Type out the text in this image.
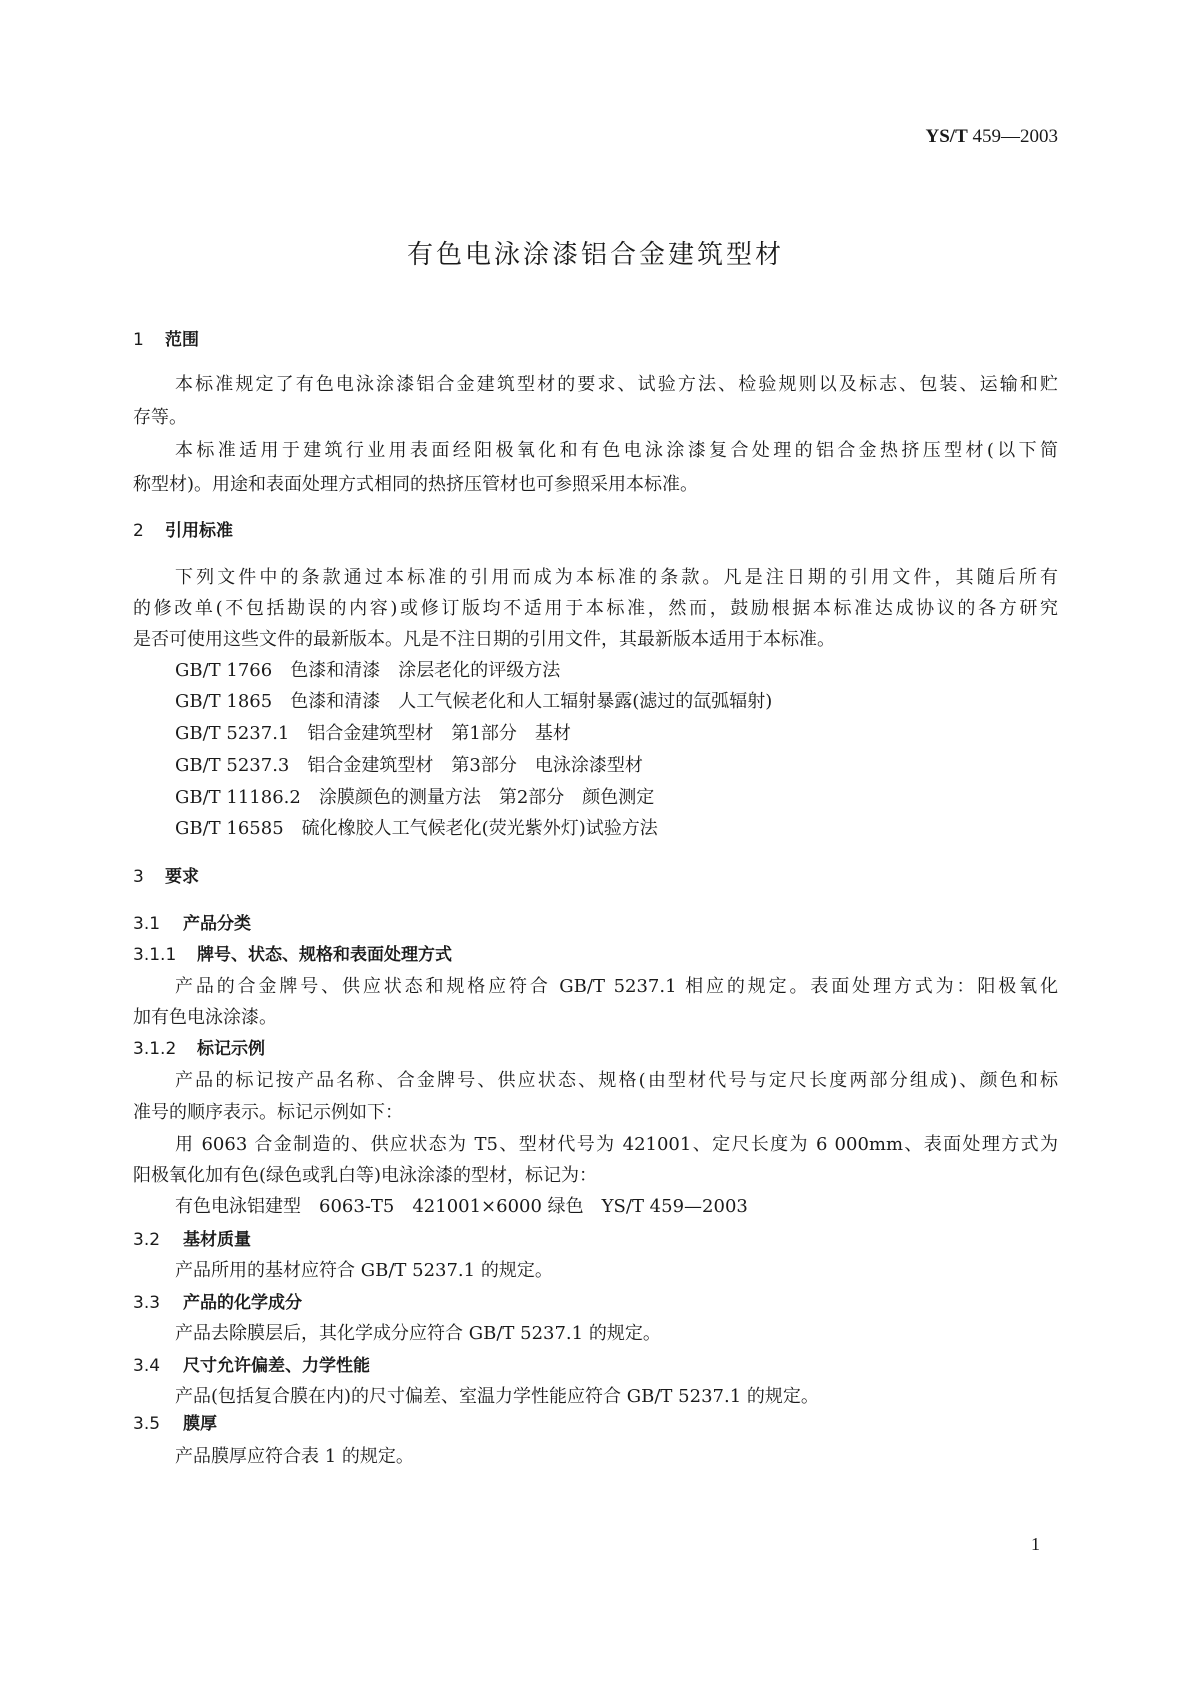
YS/T 459—2003
有色电泳涂漆铝合金建筑型材
1 范围
本标准规定了有色电泳涂漆铝合金建筑型材的要求、试验方法、检验规则以及标志、包装、运输和贮
存等。
本标准适用于建筑行业用表面经阳极氧化和有色电泳涂漆复合处理的铝合金热挤压型材(以下简
称型材)。用途和表面处理方式相同的热挤压管材也可参照采用本标准。
2 引用标准
下列文件中的条款通过本标准的引用而成为本标准的条款。凡是注日期的引用文件，其随后所有
的修改单(不包括勘误的内容)或修订版均不适用于本标准，然而，鼓励根据本标准达成协议的各方研究
是否可使用这些文件的最新版本。凡是不注日期的引用文件，其最新版本适用于本标准。
GB/T 1766 色漆和清漆 涂层老化的评级方法
GB/T 1865 色漆和清漆 人工气候老化和人工辐射暴露(滤过的氙弧辐射)
GB/T 5237.1 铝合金建筑型材 第1部分 基材
GB/T 5237.3 铝合金建筑型材 第3部分 电泳涂漆型材
GB/T 11186.2 涂膜颜色的测量方法 第2部分 颜色测定
GB/T 16585 硫化橡胶人工气候老化(荧光紫外灯)试验方法
3 要求
3.1 产品分类
3.1.1 牌号、状态、规格和表面处理方式
产品的合金牌号、供应状态和规格应符合 GB/T 5237.1 相应的规定。表面处理方式为：阳极氧化
加有色电泳涂漆。
3.1.2 标记示例
产品的标记按产品名称、合金牌号、供应状态、规格(由型材代号与定尺长度两部分组成)、颜色和标
准号的顺序表示。标记示例如下：
用 6063 合金制造的、供应状态为 T5、型材代号为 421001、定尺长度为 6 000mm、表面处理方式为
阳极氧化加有色(绿色或乳白等)电泳涂漆的型材，标记为：
有色电泳铝建型　6063-T5　421001×6000 绿色　YS/T 459—2003
3.2 基材质量
产品所用的基材应符合 GB/T 5237.1 的规定。
3.3 产品的化学成分
产品去除膜层后，其化学成分应符合 GB/T 5237.1 的规定。
3.4 尺寸允许偏差、力学性能
产品(包括复合膜在内)的尺寸偏差、室温力学性能应符合 GB/T 5237.1 的规定。
3.5 膜厚
产品膜厚应符合表 1 的规定。
1
